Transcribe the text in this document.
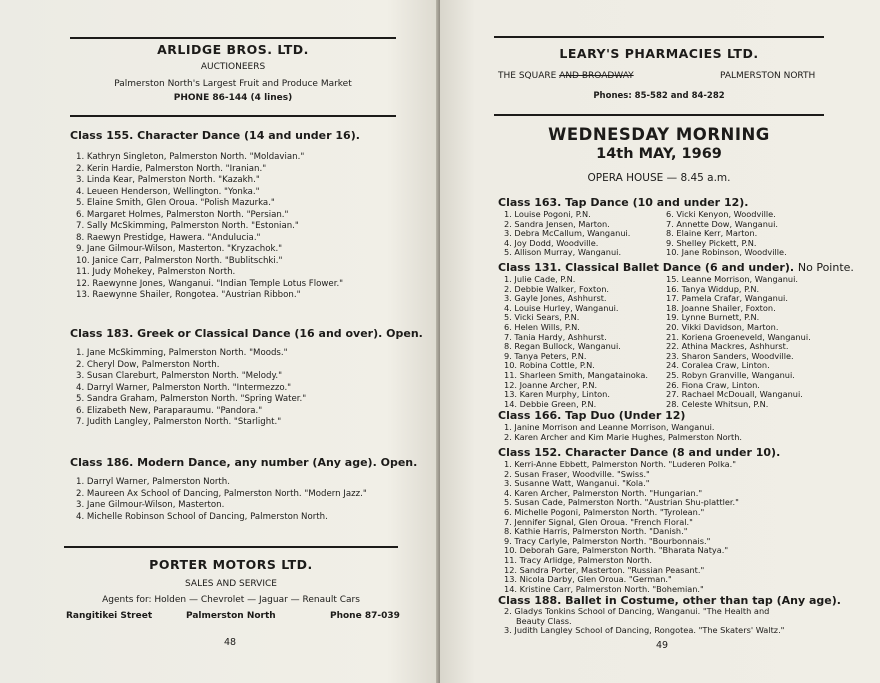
ARLIDGE BROS. LTD.
AUCTIONEERS
Palmerston North's Largest Fruit and Produce Market
PHONE 86-144 (4 lines)
Class 155. Character Dance (14 and under 16).
1. Kathryn Singleton, Palmerston North. "Moldavian."
2. Kerin Hardie, Palmerston North. "Iranian."
3. Linda Kear, Palmerston North. "Kazakh."
4. Leueen Henderson, Wellington. "Yonka."
5. Elaine Smith, Glen Oroua. "Polish Mazurka."
6. Margaret Holmes, Palmerston North. "Persian."
7. Sally McSkimming, Palmerston North. "Estonian."
8. Raewyn Prestidge, Hawera. "Andulucia."
9. Jane Gilmour-Wilson, Masterton. "Kryzachok."
10. Janice Carr, Palmerston North. "Bublitschki."
11. Judy Mohekey, Palmerston North.
12. Raewynne Jones, Wanganui. "Indian Temple Lotus Flower."
13. Raewynne Shailer, Rongotea. "Austrian Ribbon."
Class 183. Greek or Classical Dance (16 and over). Open.
1. Jane McSkimming, Palmerston North. "Moods."
2. Cheryl Dow, Palmerston North.
3. Susan Clareburt, Palmerston North. "Melody."
4. Darryl Warner, Palmerston North. "Intermezzo."
5. Sandra Graham, Palmerston North. "Spring Water."
6. Elizabeth New, Paraparaumu. "Pandora."
7. Judith Langley, Palmerston North. "Starlight."
Class 186. Modern Dance, any number (Any age). Open.
1. Darryl Warner, Palmerston North.
2. Maureen Ax School of Dancing, Palmerston North. "Modern Jazz."
3. Jane Gilmour-Wilson, Masterton.
4. Michelle Robinson School of Dancing, Palmerston North.
PORTER MOTORS LTD.
SALES AND SERVICE
Agents for: Holden — Chevrolet — Jaguar — Renault Cars
Rangitikei Street	Palmerston North	Phone 87-039
48
LEARY'S PHARMACIES LTD.
THE SQUARE AND BROADWAY	PALMERSTON NORTH
Phones: 85-582 and 84-282
WEDNESDAY MORNING
14th MAY, 1969
OPERA HOUSE — 8.45 a.m.
Class 163. Tap Dance (10 and under 12).
1. Louise Pogoni, P.N.
2. Sandra Jensen, Marton.
3. Debra McCallum, Wanganui.
4. Joy Dodd, Woodville.
5. Allison Murray, Wanganui.
6. Vicki Kenyon, Woodville.
7. Annette Dow, Wanganui.
8. Elaine Kerr, Marton.
9. Shelley Pickett, P.N.
10. Jane Robinson, Woodville.
Class 131. Classical Ballet Dance (6 and under). No Pointe.
1. Julie Cade, P.N.
2. Debbie Walker, Foxton.
3. Gayle Jones, Ashhurst.
4. Louise Hurley, Wanganui.
5. Vicki Sears, P.N.
6. Helen Wills, P.N.
7. Tania Hardy, Ashhurst.
8. Regan Bullock, Wanganui.
9. Tanya Peters, P.N.
10. Robina Cottle, P.N.
11. Sharleen Smith, Mangatainoka.
12. Joanne Archer, P.N.
13. Karen Murphy, Linton.
14. Debbie Green, P.N.
15. Leanne Morrison, Wanganui.
16. Tanya Widdup, P.N.
17. Pamela Crafar, Wanganui.
18. Joanne Shailer, Foxton.
19. Lynne Burnett, P.N.
20. Vikki Davidson, Marton.
21. Koriena Groeneveld, Wanganui.
22. Athina Mackres, Ashhurst.
23. Sharon Sanders, Woodville.
24. Coralea Craw, Linton.
25. Robyn Granville, Wanganui.
26. Fiona Craw, Linton.
27. Rachael McDouall, Wanganui.
28. Celeste Whitsun, P.N.
Class 166. Tap Duo (Under 12)
1. Janine Morrison and Leanne Morrison, Wanganui.
2. Karen Archer and Kim Marie Hughes, Palmerston North.
Class 152. Character Dance (8 and under 10).
1. Kerri-Anne Ebbett, Palmerston North. "Luderen Polka."
2. Susan Fraser, Woodville. "Swiss."
3. Susanne Watt, Wanganui. "Kola."
4. Karen Archer, Palmerston North. "Hungarian."
5. Susan Cade, Palmerston North. "Austrian Shu-plattler."
6. Michelle Pogoni, Palmerston North. "Tyrolean."
7. Jennifer Signal, Glen Oroua. "French Floral."
8. Kathie Harris, Palmerston North. "Danish."
9. Tracy Carlyle, Palmerston North. "Bourbonnais."
10. Deborah Gare, Palmerston North. "Bharata Natya."
11. Tracy Arlidge, Palmerston North.
12. Sandra Porter, Masterton. "Russian Peasant."
13. Nicola Darby, Glen Oroua. "German."
14. Kristine Carr, Palmerston North. "Bohemian."
Class 188. Ballet in Costume, other than tap (Any age).
2. Gladys Tonkins School of Dancing, Wanganui. "The Health and
Beauty Class.
3. Judith Langley School of Dancing, Rongotea. "The Skaters' Waltz."
49
